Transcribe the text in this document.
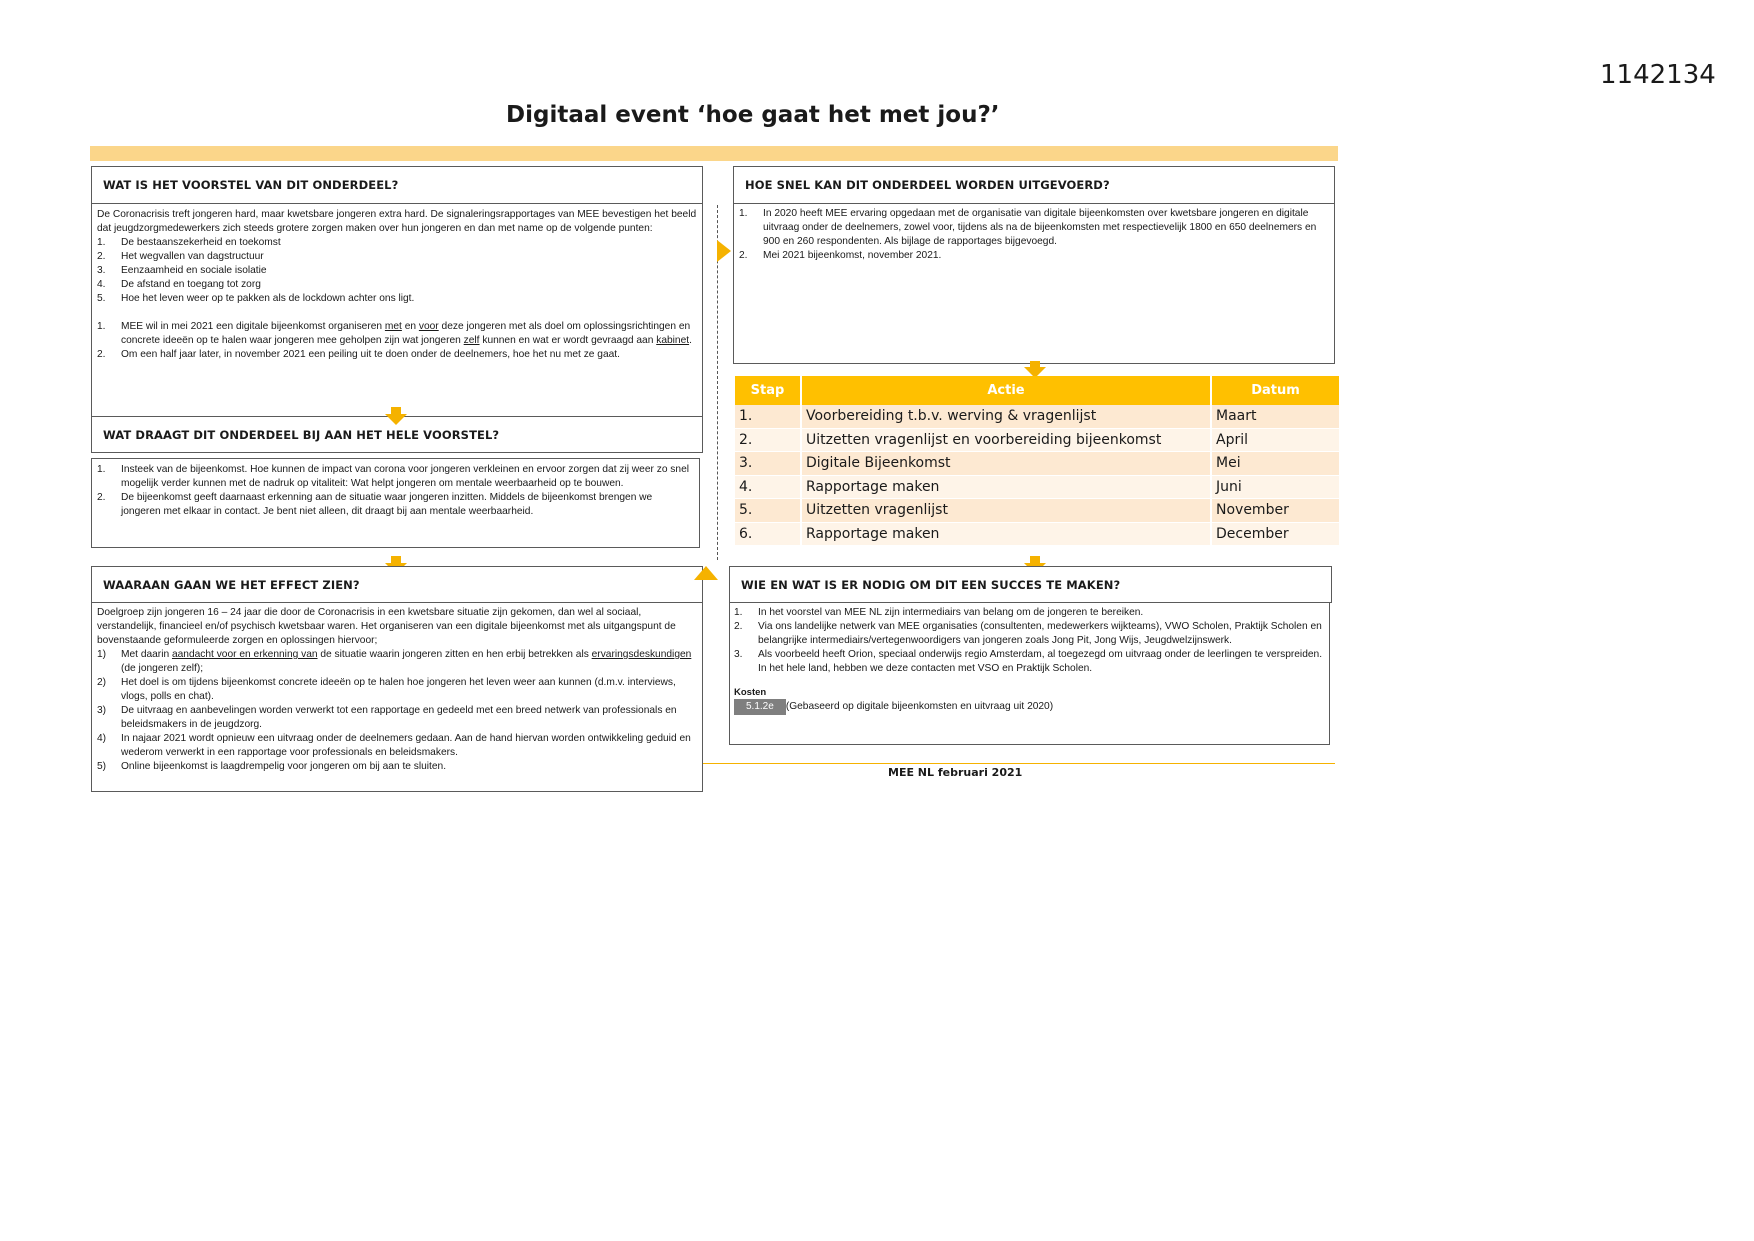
1142134
Digitaal event ‘hoe gaat het met jou?’
WAT IS HET VOORSTEL VAN DIT ONDERDEEL?

De Coronacrisis treft jongeren hard, maar kwetsbare jongeren extra hard. De signaleringsrapportages van MEE bevestigen het beeld dat jeugdzorgmedewerkers zich steeds grotere zorgen maken over hun jongeren en dan met name op de volgende punten:

1. De bestaanszekerheid en toekomst
2. Het wegvallen van dagstructuur
3. Eenzaamheid en sociale isolatie
4. De afstand en toegang tot zorg
5. Hoe het leven weer op te pakken als de lockdown achter ons ligt.
1. MEE wil in mei 2021 een digitale bijeenkomst organiseren met en voor deze jongeren met als doel om oplossingsrichtingen en concrete ideeën op te halen waar jongeren mee geholpen zijn wat jongeren zelf kunnen en wat er wordt gevraagd aan kabinet.
2. Om een half jaar later, in november 2021 een peiling uit te doen onder de deelnemers, hoe het nu met ze gaat.
WAT DRAAGT DIT ONDERDEEL BIJ AAN HET HELE VOORSTEL?
1. Insteek van de bijeenkomst. Hoe kunnen de impact van corona voor jongeren verkleinen en ervoor zorgen dat zij weer zo snel mogelijk verder kunnen met de nadruk op vitaliteit: Wat helpt jongeren om mentale weerbaarheid op te bouwen.
2. De bijeenkomst geeft daarnaast erkenning aan de situatie waar jongeren inzitten. Middels de bijeenkomst brengen we jongeren met elkaar in contact. Je bent niet alleen, dit draagt bij aan mentale weerbaarheid.
WAARAAN GAAN WE HET EFFECT ZIEN?

Doelgroep zijn jongeren 16 – 24 jaar die door de Coronacrisis in een kwetsbare situatie zijn gekomen, dan wel al sociaal, verstandelijk, financieel en/of psychisch kwetsbaar waren. Het organiseren van een digitale bijeenkomst met als uitgangspunt de bovenstaande geformuleerde zorgen en oplossingen hiervoor;

1) Met daarin aandacht voor en erkenning van de situatie waarin jongeren zitten en hen erbij betrekken als ervaringsdeskundigen (de jongeren zelf);
2) Het doel is om tijdens bijeenkomst concrete ideeën op te halen hoe jongeren het leven weer aan kunnen (d.m.v. interviews, vlogs, polls en chat).
3) De uitvraag en aanbevelingen worden verwerkt tot een rapportage en gedeeld met een breed netwerk van professionals en beleidsmakers in de jeugdzorg.
4) In najaar 2021 wordt opnieuw een uitvraag onder de deelnemers gedaan. Aan de hand hiervan worden ontwikkeling geduid en wederom verwerkt in een rapportage voor professionals en beleidsmakers.
5) Online bijeenkomst is laagdrempelig voor jongeren om bij aan te sluiten.
HOE SNEL KAN DIT ONDERDEEL WORDEN UITGEVOERD?
1. In 2020 heeft MEE ervaring opgedaan met de organisatie van digitale bijeenkomsten over kwetsbare jongeren en digitale uitvraag onder de deelnemers, zowel voor, tijdens als na de bijeenkomsten met respectievelijk 1800 en 650 deelnemers en 900 en 260 respondenten. Als bijlage de rapportages bijgevoegd.
2. Mei 2021 bijeenkomst, november 2021.
Stap	Actie	Datum
1.	Voorbereiding t.b.v. werving & vragenlijst	Maart
2.	Uitzetten vragenlijst en voorbereiding bijeenkomst	April
3.	Digitale Bijeenkomst	Mei
4.	Rapportage maken	Juni
5.	Uitzetten vragenlijst	November
6.	Rapportage maken	December
WIE EN WAT IS ER NODIG OM DIT EEN SUCCES TE MAKEN?
1. In het voorstel van MEE NL zijn intermediairs van belang om de jongeren te bereiken.
2. Via ons landelijke netwerk van MEE organisaties (consultenten, medewerkers wijkteams), VWO Scholen, Praktijk Scholen en belangrijke intermediairs/vertegenwoordigers van jongeren zoals Jong Pit, Jong Wijs, Jeugdwelzijnswerk.
3. Als voorbeeld heeft Orion, speciaal onderwijs regio Amsterdam, al toegezegd om uitvraag onder de leerlingen te verspreiden. In het hele land, hebben we deze contacten met VSO en Praktijk Scholen.
Kosten
5.1.2e (Gebaseerd op digitale bijeenkomsten en uitvraag uit 2020)
MEE NL februari 2021
